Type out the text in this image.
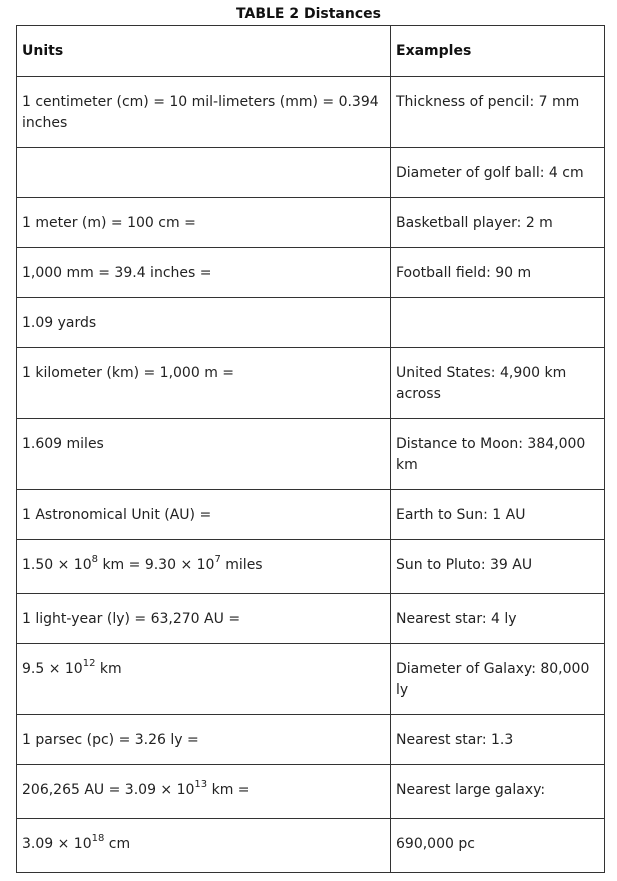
TABLE 2 Distances
Units	Examples
1 centimeter (cm) = 10 mil-limeters (mm) = 0.394 inches	Thickness of pencil: 7 mm
	Diameter of golf ball: 4 cm
1 meter (m) = 100 cm =	Basketball player: 2 m
1,000 mm = 39.4 inches =	Football field: 90 m
1.09 yards	
1 kilometer (km) = 1,000 m =	United States: 4,900 km across
1.609 miles	Distance to Moon: 384,000 km
1 Astronomical Unit (AU) =	Earth to Sun: 1 AU
$1.50 \times 10^8$ km = $9.30 \times 10^7$ miles	Sun to Pluto: 39 AU
1 light-year (ly) = 63,270 AU =	Nearest star: 4 ly
$9.5 \times 10^{12}$ km	Diameter of Galaxy: 80,000 ly
1 parsec (pc) = 3.26 ly =	Nearest star: 1.3
206,265 AU = $3.09 \times 10^{13}$ km =	Nearest large galaxy:
$3.09 \times 10^{18}$ cm	690,000 pc
